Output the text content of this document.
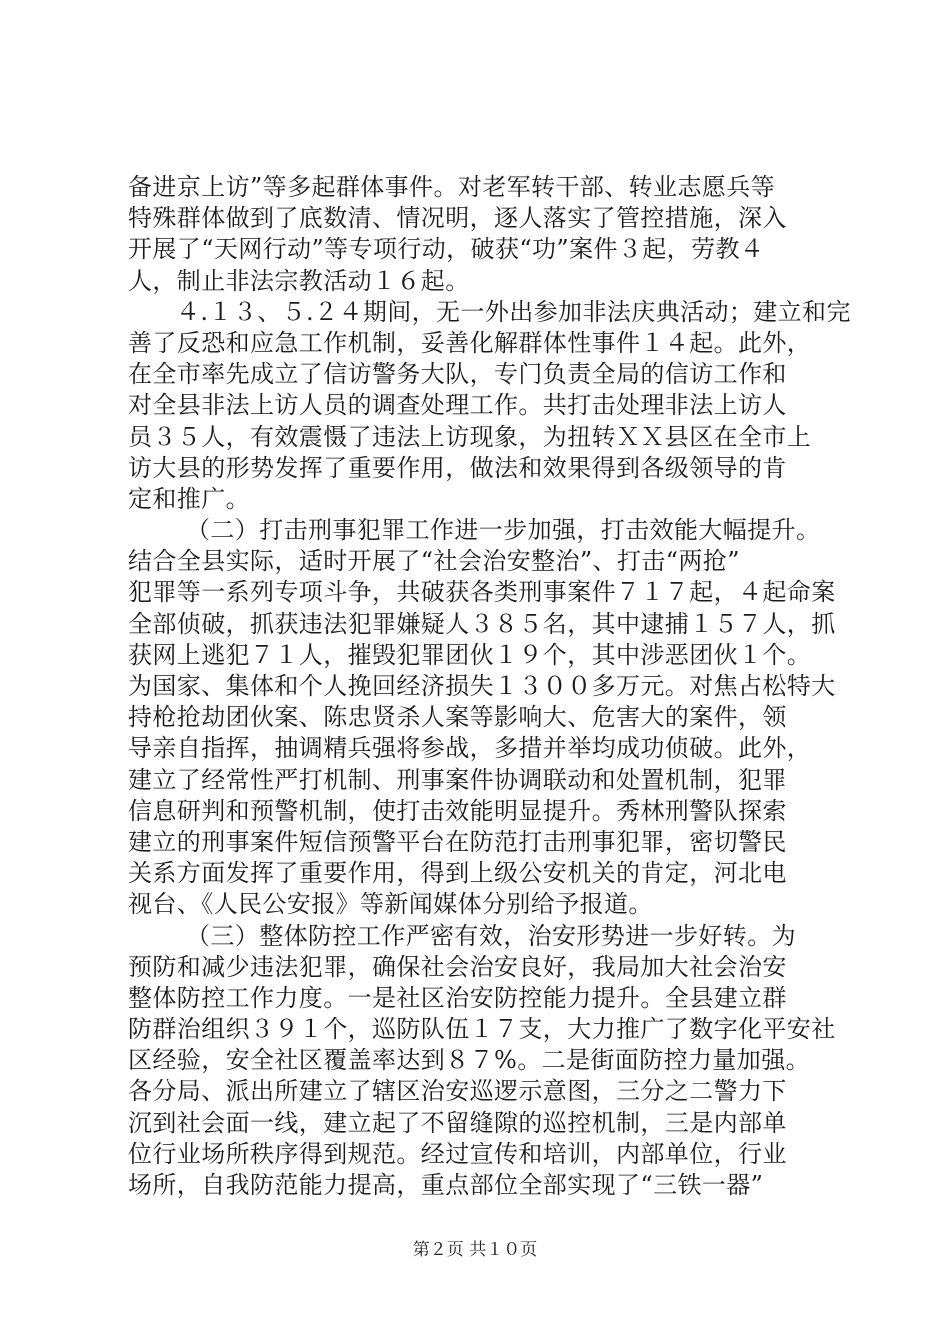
备进京上访”等多起群体事件。对老军转干部、转业志愿兵等
特殊群体做到了底数清、情况明，逐人落实了管控措施，深入
开展了“天网行动”等专项行动，破获“功”案件３起，劳教４
人，制止非法宗教活动１６起。
４.１３、５.２４期间，无一外出参加非法庆典活动；建立和完
善了反恐和应急工作机制，妥善化解群体性事件１４起。此外，
在全市率先成立了信访警务大队，专门负责全局的信访工作和
对全县非法上访人员的调查处理工作。共打击处理非法上访人
员３５人，有效震慑了违法上访现象，为扭转ＸＸ县区在全市上
访大县的形势发挥了重要作用，做法和效果得到各级领导的肯
定和推广。
（二）打击刑事犯罪工作进一步加强，打击效能大幅提升。
结合全县实际，适时开展了“社会治安整治”、打击“两抢”
犯罪等一系列专项斗争，共破获各类刑事案件７１７起，４起命案
全部侦破，抓获违法犯罪嫌疑人３８５名，其中逮捕１５７人，抓
获网上逃犯７１人，摧毁犯罪团伙１９个，其中涉恶团伙１个。
为国家、集体和个人挽回经济损失１３００多万元。对焦占松特大
持枪抢劫团伙案、陈忠贤杀人案等影响大、危害大的案件，领
导亲自指挥，抽调精兵强将参战，多措并举均成功侦破。此外，
建立了经常性严打机制、刑事案件协调联动和处置机制，犯罪
信息研判和预警机制，使打击效能明显提升。秀林刑警队探索
建立的刑事案件短信预警平台在防范打击刑事犯罪，密切警民
关系方面发挥了重要作用，得到上级公安机关的肯定，河北电
视台、《人民公安报》等新闻媒体分别给予报道。
（三）整体防控工作严密有效，治安形势进一步好转。为
预防和减少违法犯罪，确保社会治安良好，我局加大社会治安
整体防控工作力度。一是社区治安防控能力提升。全县建立群
防群治组织３９１个，巡防队伍１７支，大力推广了数字化平安社
区经验，安全社区覆盖率达到８７%。二是街面防控力量加强。
各分局、派出所建立了辖区治安巡逻示意图，三分之二警力下
沉到社会面一线，建立起了不留缝隙的巡控机制，三是内部单
位行业场所秩序得到规范。经过宣传和培训，内部单位，行业
场所，自我防范能力提高，重点部位全部实现了“三铁一器”
第２页 共１０页
